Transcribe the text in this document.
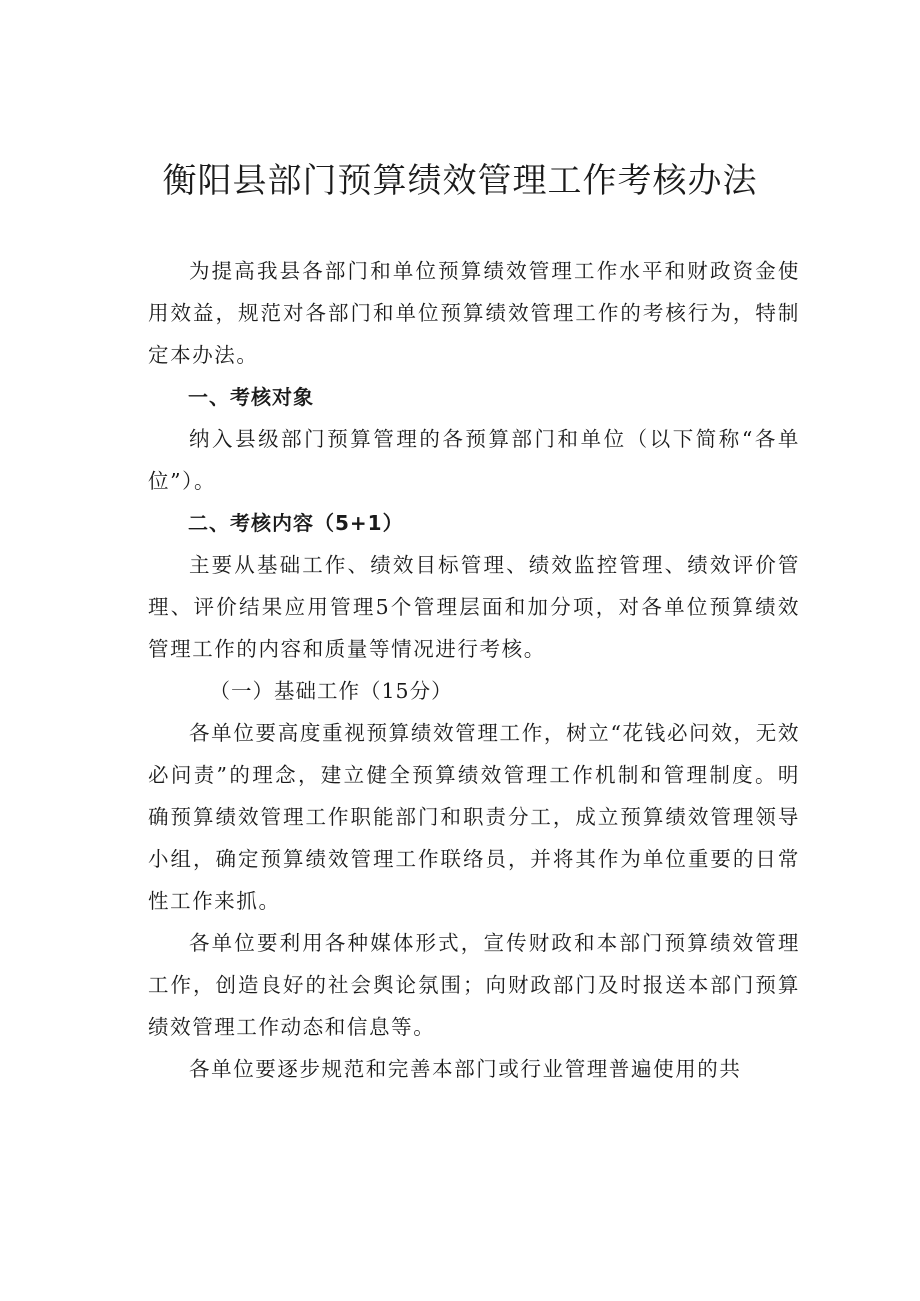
衡阳县部门预算绩效管理工作考核办法

为提高我县各部门和单位预算绩效管理工作水平和财政资金使用效益，规范对各部门和单位预算绩效管理工作的考核行为，特制定本办法。

一、考核对象

纳入县级部门预算管理的各预算部门和单位（以下简称“各单位”）。

二、考核内容（5+1）

主要从基础工作、绩效目标管理、绩效监控管理、绩效评价管理、评价结果应用管理5个管理层面和加分项，对各单位预算绩效管理工作的内容和质量等情况进行考核。

（一）基础工作（15分）

各单位要高度重视预算绩效管理工作，树立“花钱必问效，无效必问责”的理念，建立健全预算绩效管理工作机制和管理制度。明确预算绩效管理工作职能部门和职责分工，成立预算绩效管理领导小组，确定预算绩效管理工作联络员，并将其作为单位重要的日常性工作来抓。

各单位要利用各种媒体形式，宣传财政和本部门预算绩效管理工作，创造良好的社会舆论氛围；向财政部门及时报送本部门预算绩效管理工作动态和信息等。

各单位要逐步规范和完善本部门或行业管理普遍使用的共
